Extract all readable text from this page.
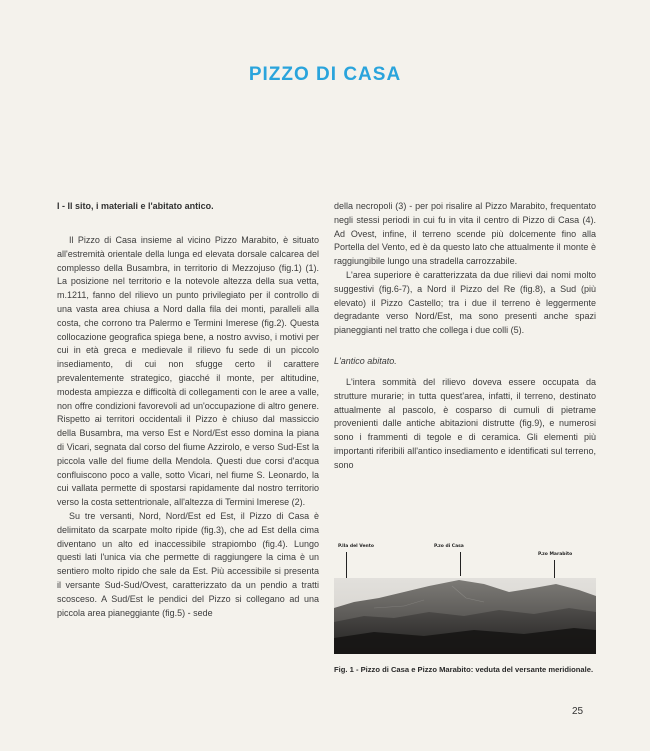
PIZZO DI CASA
I - Il sito, i materiali e l'abitato antico.

Il Pizzo di Casa insieme al vicino Pizzo Marabito, è situato all'estremità orientale della lunga ed elevata dorsale calcarea del complesso della Busambra, in territorio di Mezzojuso (fig.1) (1). La posizione nel territorio e la notevole altezza della sua vetta, m.1211, fanno del rilievo un punto privilegiato per il controllo di una vasta area chiusa a Nord dalla fila dei monti, paralleli alla costa, che corrono tra Palermo e Termini Imerese (fig.2). Questa collocazione geografica spiega bene, a nostro avviso, i motivi per cui in età greca e medievale il rilievo fu sede di un piccolo insediamento, di cui non sfugge certo il carattere prevalentemente strategico, giacché il monte, per altitudine, modesta ampiezza e difficoltà di collegamenti con le aree a valle, non offre condizioni favorevoli ad un'occupazione di altro genere. Rispetto ai territori occidentali il Pizzo è chiuso dal massiccio della Busambra, ma verso Est e Nord/Est esso domina la piana di Vicari, segnata dal corso del fiume Azzirolo, e verso Sud-Est la piccola valle del fiume della Mendola. Questi due corsi d'acqua confluiscono poco a valle, sotto Vicari, nel fiume S. Leonardo, la cui vallata permette di spostarsi rapidamente dal nostro territorio verso la costa settentrionale, all'altezza di Termini Imerese (2).

Su tre versanti, Nord, Nord/Est ed Est, il Pizzo di Casa è delimitato da scarpate molto ripide (fig.3), che ad Est della cima diventano un alto ed inaccessibile strapiombo (fig.4). Lungo questi lati l'unica via che permette di raggiungere la cima è un sentiero molto ripido che sale da Est. Più accessibile si presenta il versante Sud-Sud/Ovest, caratterizzato da un pendio a tratti scosceso. A Sud/Est le pendici del Pizzo si collegano ad una piccola area pianeggiante (fig.5) - sede

della necropoli (3) - per poi risalire al Pizzo Marabito, frequentato negli stessi periodi in cui fu in vita il centro di Pizzo di Casa (4). Ad Ovest, infine, il terreno scende più dolcemente fino alla Portella del Vento, ed è da questo lato che attualmente il monte è raggiungibile lungo una stradella carrozzabile.

L'area superiore è caratterizzata da due rilievi dai nomi molto suggestivi (fig.6-7), a Nord il Pizzo del Re (fig.8), a Sud (più elevato) il Pizzo Castello; tra i due il terreno è leggermente degradante verso Nord/Est, ma sono presenti anche spazi pianeggianti nel tratto che collega i due colli (5).

L'antico abitato.

L'intera sommità del rilievo doveva essere occupata da strutture murarie; in tutta quest'area, infatti, il terreno, destinato attualmente al pascolo, è cosparso di cumuli di pietrame provenienti dalle antiche abitazioni distrutte (fig.9), e numerosi sono i frammenti di tegole e di ceramica. Gli elementi più importanti riferibili all'antico insediamento e identificati sul terreno, sono

P.lla del Vento	P.zo di Casa
P.zo Marabito
Fig. 1 - Pizzo di Casa e Pizzo Marabito: veduta del versante meridionale.
25
